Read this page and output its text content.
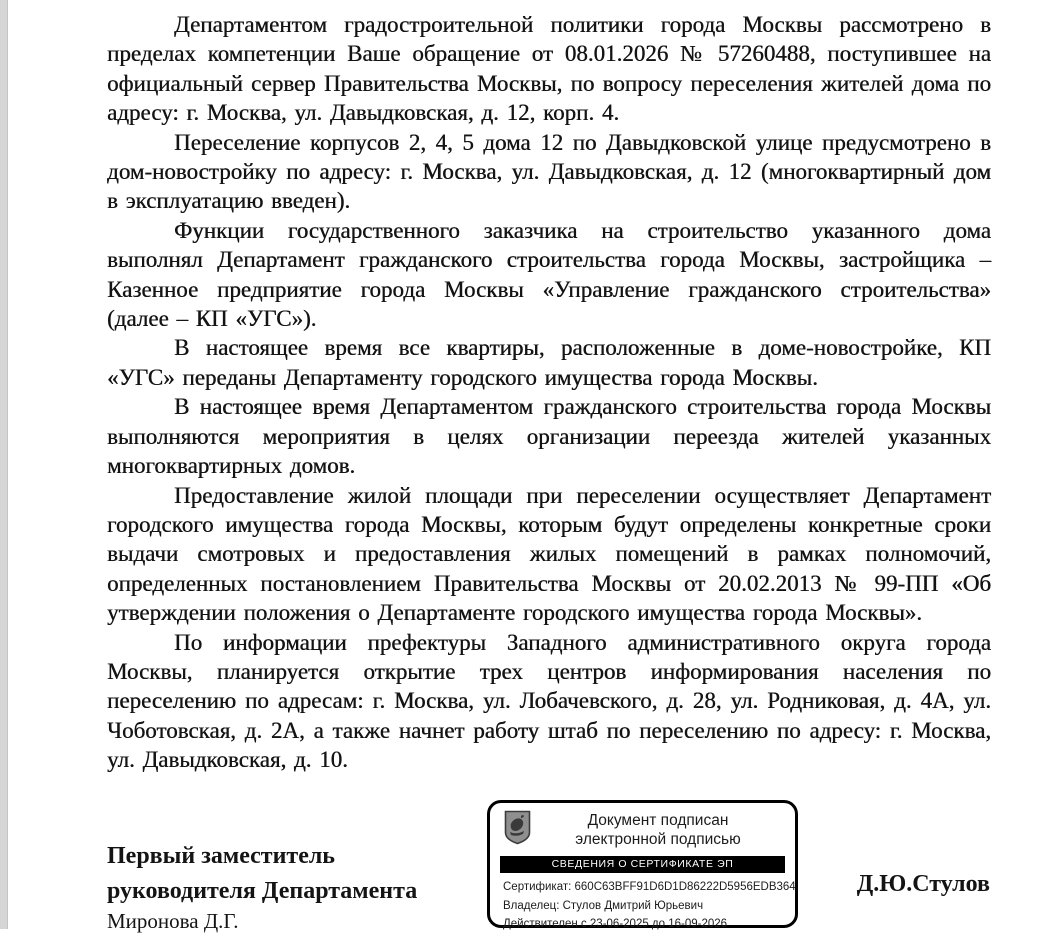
Департаментом градостроительной политики города Москвы рассмотрено в пределах компетенции Ваше обращение от 08.01.2026 № 57260488, поступившее на официальный сервер Правительства Москвы, по вопросу переселения жителей дома по адресу: г. Москва, ул. Давыдковская, д. 12, корп. 4.

Переселение корпусов 2, 4, 5 дома 12 по Давыдковской улице предусмотрено в дом-новостройку по адресу: г. Москва, ул. Давыдковская, д. 12 (многоквартирный дом в эксплуатацию введен).

Функции государственного заказчика на строительство указанного дома выполнял Департамент гражданского строительства города Москвы, застройщика – Казенное предприятие города Москвы «Управление гражданского строительства» (далее – КП «УГС»).

В настоящее время все квартиры, расположенные в доме-новостройке, КП «УГС» переданы Департаменту городского имущества города Москвы.

В настоящее время Департаментом гражданского строительства города Москвы выполняются мероприятия в целях организации переезда жителей указанных многоквартирных домов.

Предоставление жилой площади при переселении осуществляет Департамент городского имущества города Москвы, которым будут определены конкретные сроки выдачи смотровых и предоставления жилых помещений в рамках полномочий, определенных постановлением Правительства Москвы от 20.02.2013 № 99-ПП «Об утверждении положения о Департаменте городского имущества города Москвы».

По информации префектуры Западного административного округа города Москвы, планируется открытие трех центров информирования населения по переселению по адресам: г. Москва, ул. Лобачевского, д. 28, ул. Родниковая, д. 4А, ул. Чоботовская, д. 2А, а также начнет работу штаб по переселению по адресу: г. Москва, ул. Давыдковская, д. 10.

Первый заместитель
руководителя Департамента
Документ подписан
электронной подписью
СВЕДЕНИЯ О СЕРТИФИКАТЕ ЭП
Сертификат: 660C63BFF91D6D1D86222D5956EDB364
Владелец: Стулов Дмитрий Юрьевич
Действителен с 23-06-2025 до 16-09-2026
Д.Ю.Стулов
Миронова Д.Г.
